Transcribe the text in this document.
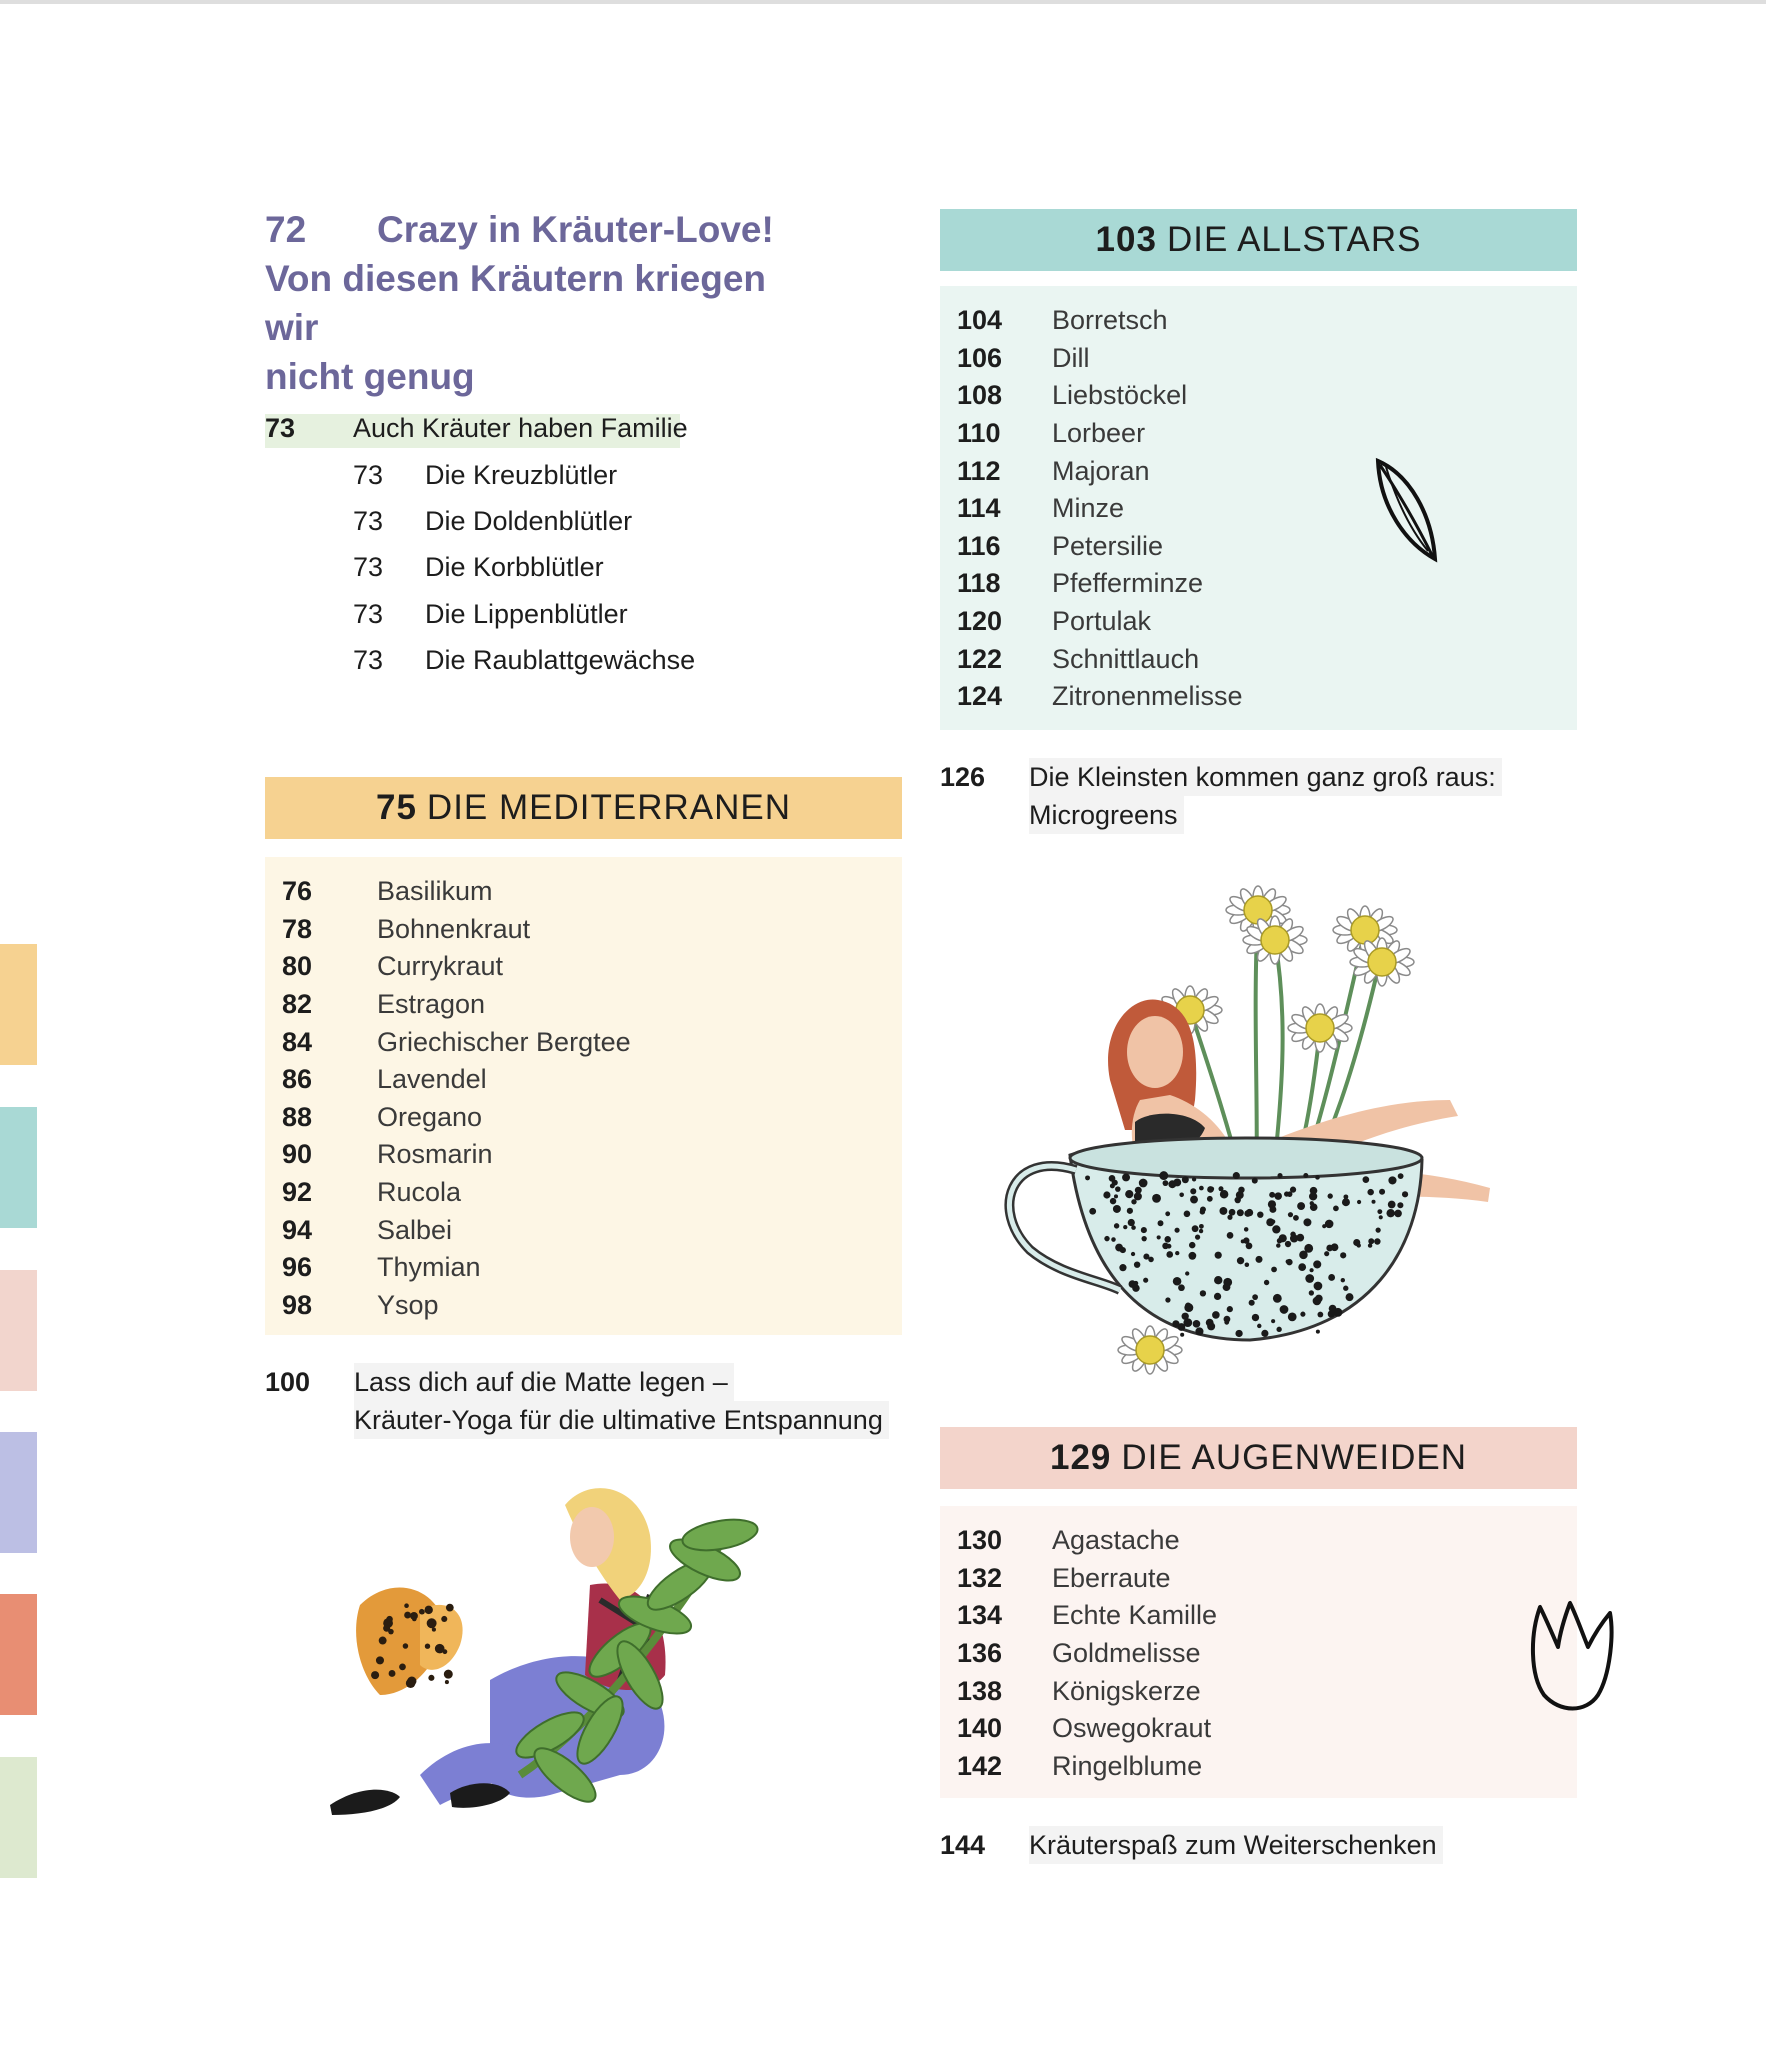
72 Crazy in Kräuter-Love!
Von diesen Kräutern kriegen wir
nicht genug
73	Auch Kräuter haben Familie
73	Die Kreuzblütler
73	Die Doldenblütler
73	Die Korbblütler
73	Die Lippenblütler
73	Die Raublattgewächse
75 DIE MEDITERRANEN
76	Basilikum
78	Bohnenkraut
80	Currykraut
82	Estragon
84	Griechischer Bergtee
86	Lavendel
88	Oregano
90	Rosmarin
92	Rucola
94	Salbei
96	Thymian
98	Ysop
100	Lass dich auf die Matte legen –
Kräuter-Yoga für die ultimative Entspannung
103 DIE ALLSTARS
104	Borretsch
106	Dill
108	Liebstöckel
110	Lorbeer
112	Majoran
114	Minze
116	Petersilie
118	Pfefferminze
120	Portulak
122	Schnittlauch
124	Zitronenmelisse
126	Die Kleinsten kommen ganz groß raus:
Microgreens
129 DIE AUGENWEIDEN
130	Agastache
132	Eberraute
134	Echte Kamille
136	Goldmelisse
138	Königskerze
140	Oswegokraut
142	Ringelblume
144	Kräuterspaß zum Weiterschenken
